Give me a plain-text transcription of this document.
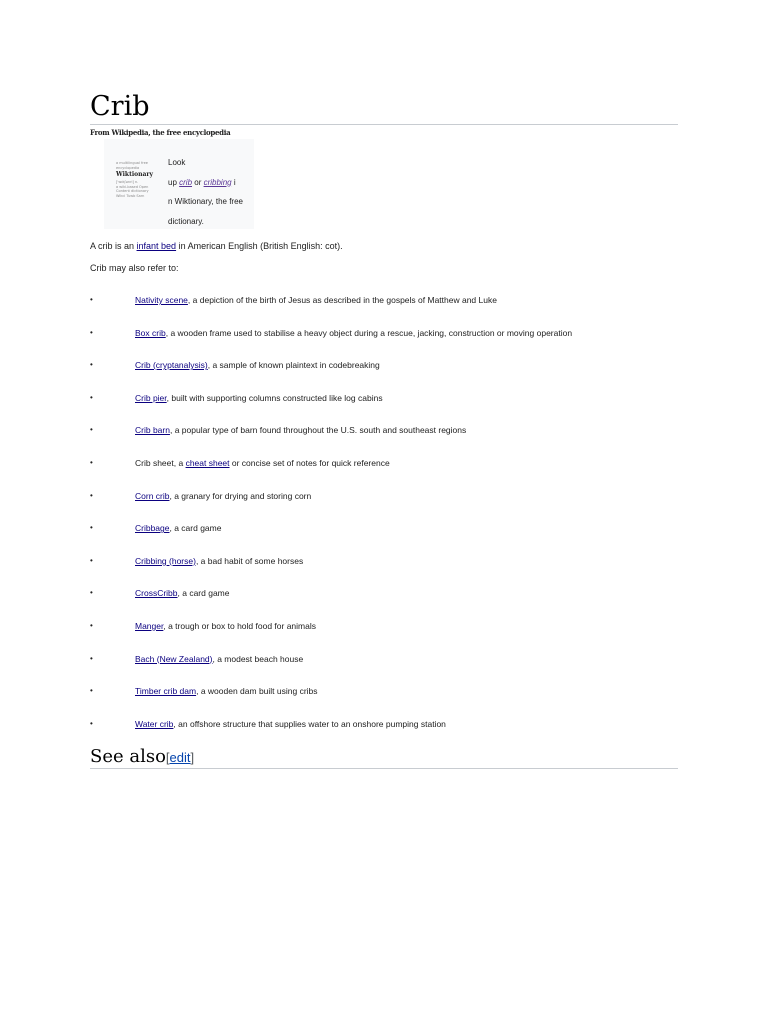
Crib

From Wikipedia, the free encyclopedia

a multilingual free
encyclopedia
Wiktionary
[ˈwɪkʃənri] n.
a wiki-based Open
Content dictionary
Wikci Tuwb Sarn
Look
up crib or cribbing i
n Wiktionary, the free
dictionary.

A crib is an infant bed in American English (British English: cot).

Crib may also refer to:

•	Nativity scene, a depiction of the birth of Jesus as described in the gospels of Matthew and Luke
•	Box crib, a wooden frame used to stabilise a heavy object during a rescue, jacking, construction or moving operation
•	Crib (cryptanalysis), a sample of known plaintext in codebreaking
•	Crib pier, built with supporting columns constructed like log cabins
•	Crib barn, a popular type of barn found throughout the U.S. south and southeast regions
•	Crib sheet, a cheat sheet or concise set of notes for quick reference
•	Corn crib, a granary for drying and storing corn
•	Cribbage, a card game
•	Cribbing (horse), a bad habit of some horses
•	CrossCribb, a card game
•	Manger, a trough or box to hold food for animals
•	Bach (New Zealand), a modest beach house
•	Timber crib dam, a wooden dam built using cribs
•	Water crib, an offshore structure that supplies water to an onshore pumping station
See also[edit]
